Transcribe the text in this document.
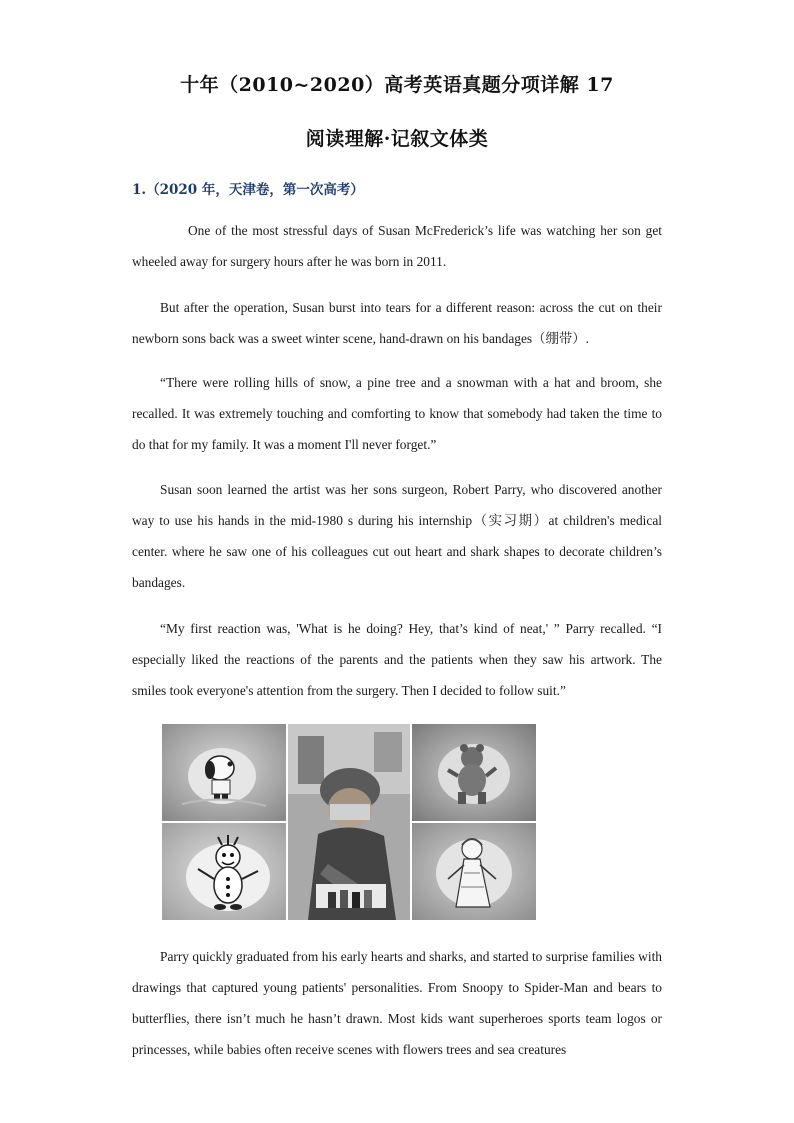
十年（2010~2020）高考英语真题分项详解 17
阅读理解·记叙文体类
1.（2020 年，天津卷，第一次高考）
One of the most stressful days of Susan McFrederick’s life was watching her son get wheeled away for surgery hours after he was born in 2011.
But after the operation, Susan burst into tears for a different reason: across the cut on their newborn sons back was a sweet winter scene, hand-drawn on his bandages（绷带）.
“There were rolling hills of snow, a pine tree and a snowman with a hat and broom, she recalled. It was extremely touching and comforting to know that somebody had taken the time to do that for my family. It was a moment I'll never forget.”
Susan soon learned the artist was her sons surgeon, Robert Parry, who discovered another way to use his hands in the mid-1980 s during his internship（实习期）at children's medical center. where he saw one of his colleagues cut out heart and shark shapes to decorate children’s bandages.
“My first reaction was, 'What is he doing? Hey, that’s kind of neat,' ” Parry recalled. “I especially liked the reactions of the parents and the patients when they saw his artwork. The smiles took everyone's attention from the surgery. Then I decided to follow suit.”
Parry quickly graduated from his early hearts and sharks, and started to surprise families with drawings that captured young patients' personalities. From Snoopy to Spider-Man and bears to butterflies, there isn’t much he hasn’t drawn. Most kids want superheroes sports team logos or princesses, while babies often receive scenes with flowers trees and sea creatures
